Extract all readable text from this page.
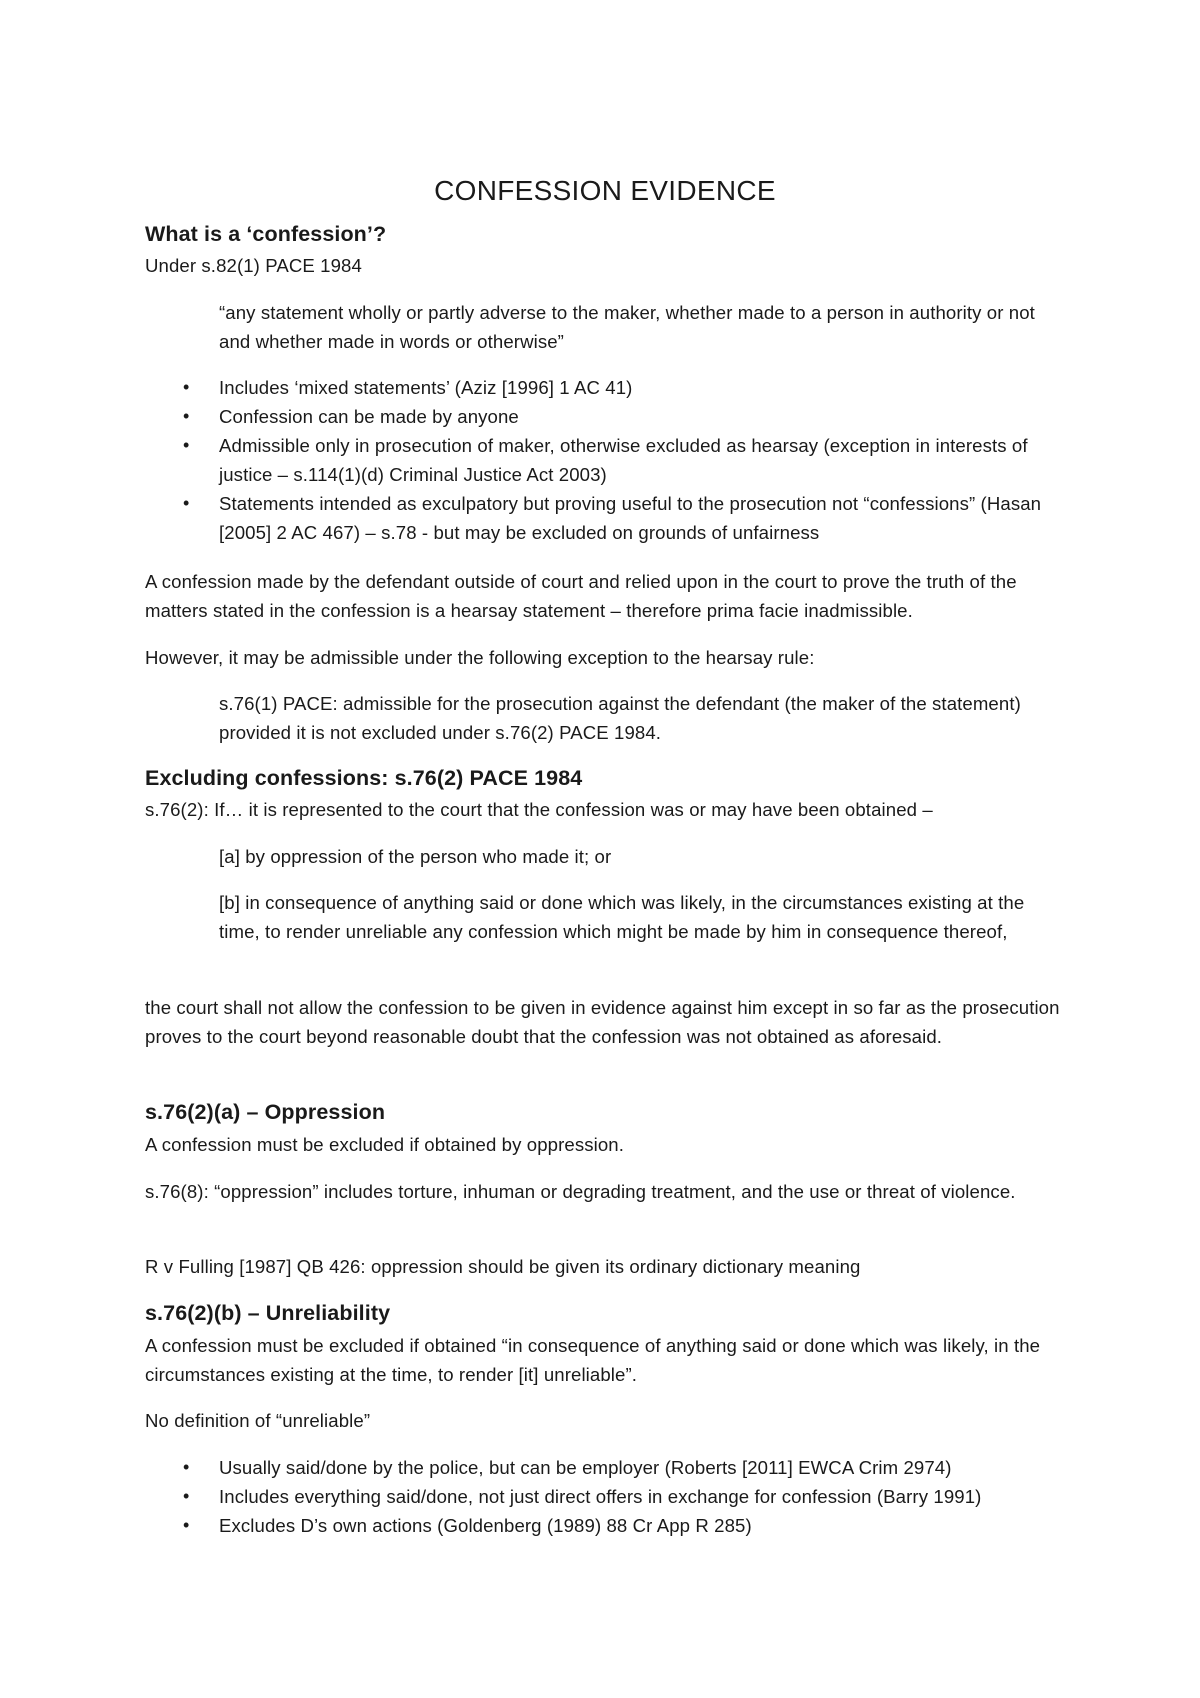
CONFESSION EVIDENCE
What is a ‘confession’?
Under s.82(1) PACE 1984
“any statement wholly or partly adverse to the maker, whether made to a person in authority or not and whether made in words or otherwise”
• Includes ‘mixed statements’ (Aziz [1996] 1 AC 41)
• Confession can be made by anyone
• Admissible only in prosecution of maker, otherwise excluded as hearsay (exception in interests of justice – s.114(1)(d) Criminal Justice Act 2003)
• Statements intended as exculpatory but proving useful to the prosecution not “confessions” (Hasan [2005] 2 AC 467) – s.78 - but may be excluded on grounds of unfairness
A confession made by the defendant outside of court and relied upon in the court to prove the truth of the matters stated in the confession is a hearsay statement – therefore prima facie inadmissible.
However, it may be admissible under the following exception to the hearsay rule:
s.76(1) PACE: admissible for the prosecution against the defendant (the maker of the statement) provided it is not excluded under s.76(2) PACE 1984.
Excluding confessions: s.76(2) PACE 1984
s.76(2): If… it is represented to the court that the confession was or may have been obtained –
[a] by oppression of the person who made it; or
[b] in consequence of anything said or done which was likely, in the circumstances existing at the time, to render unreliable any confession which might be made by him in consequence thereof,
the court shall not allow the confession to be given in evidence against him except in so far as the prosecution proves to the court beyond reasonable doubt that the confession was not obtained as aforesaid.
s.76(2)(a) – Oppression
A confession must be excluded if obtained by oppression.
s.76(8): “oppression” includes torture, inhuman or degrading treatment, and the use or threat of violence.
R v Fulling [1987] QB 426: oppression should be given its ordinary dictionary meaning
s.76(2)(b) – Unreliability
A confession must be excluded if obtained “in consequence of anything said or done which was likely, in the circumstances existing at the time, to render [it] unreliable”.
No definition of “unreliable”
• Usually said/done by the police, but can be employer (Roberts [2011] EWCA Crim 2974)
• Includes everything said/done, not just direct offers in exchange for confession (Barry 1991)
• Excludes D’s own actions (Goldenberg (1989) 88 Cr App R 285)
